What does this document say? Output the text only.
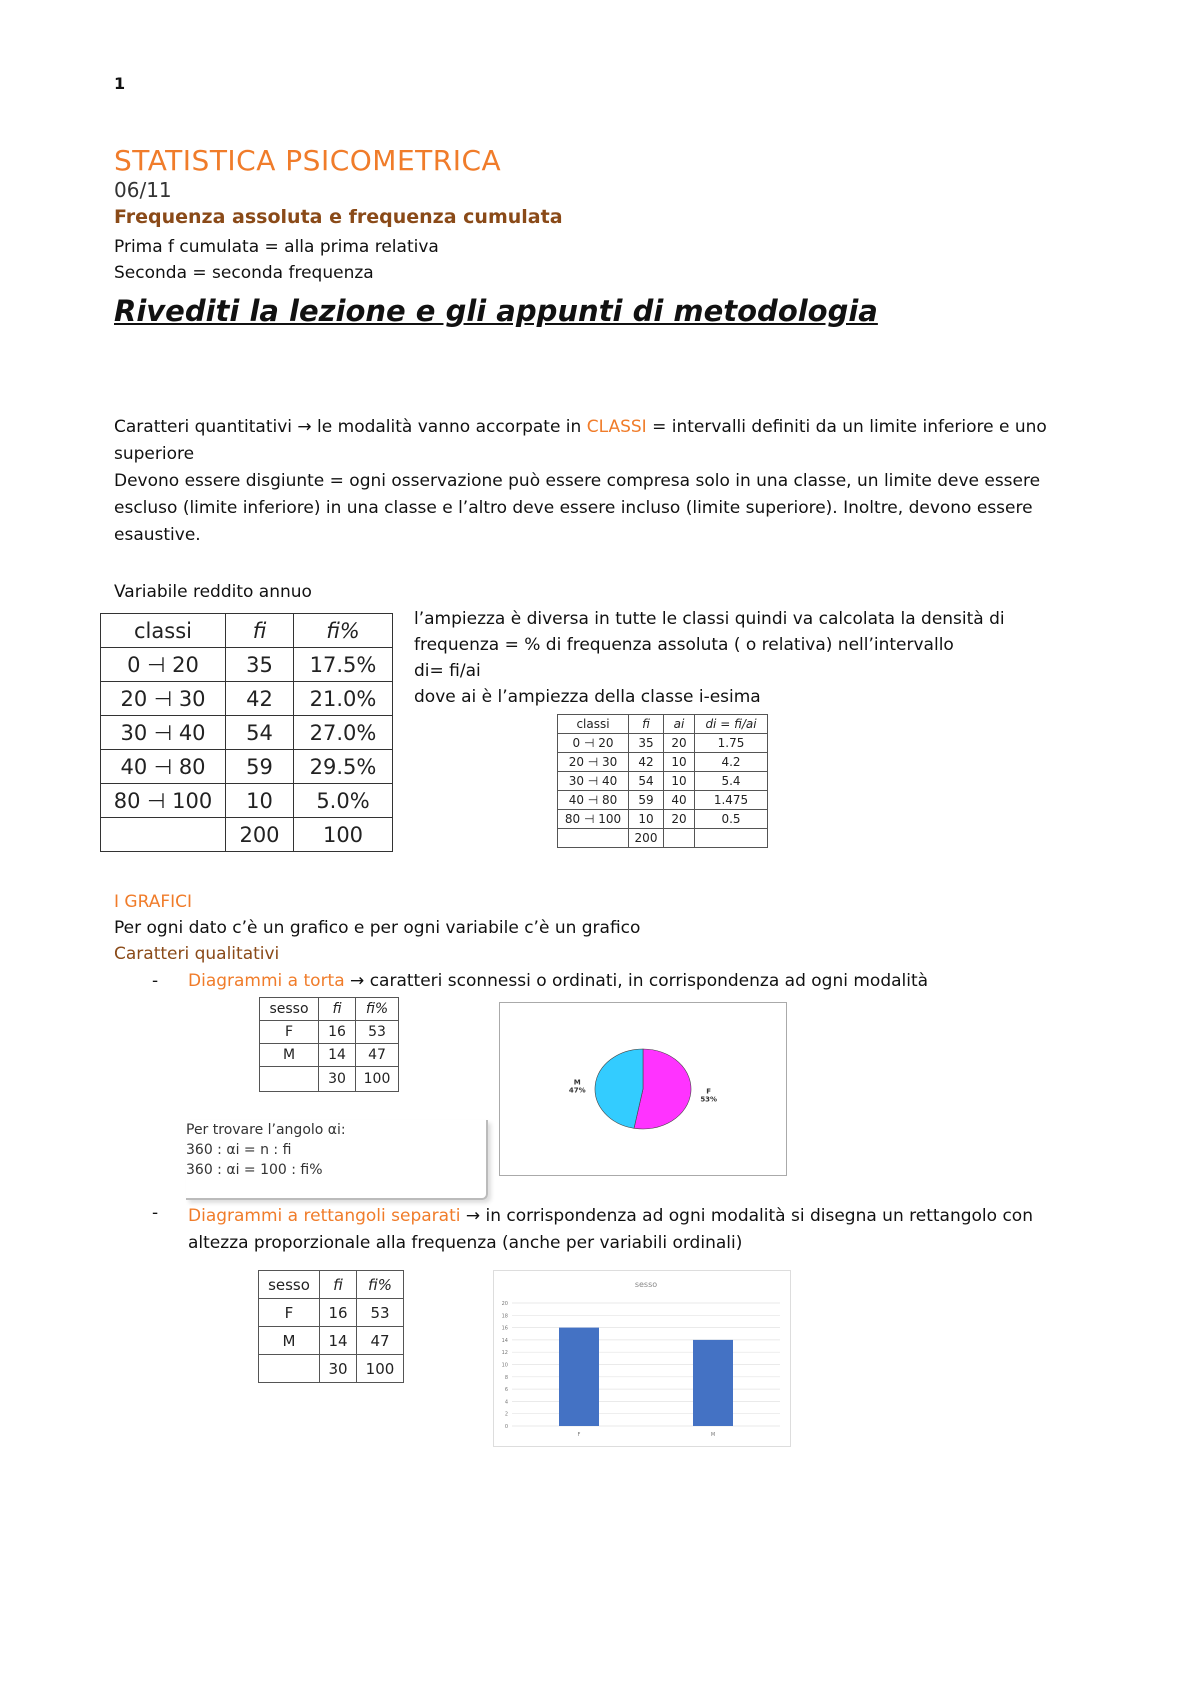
1
STATISTICA PSICOMETRICA
06/11
Frequenza assoluta e frequenza cumulata
Prima f cumulata = alla prima relativa
Seconda = seconda frequenza
Rivediti la lezione e gli appunti di metodologia
Caratteri quantitativi → le modalità vanno accorpate in CLASSI = intervalli definiti da un limite inferiore e uno superiore
Devono essere disgiunte = ogni osservazione può essere compresa solo in una classe, un limite deve essere escluso (limite inferiore) in una classe e l’altro deve essere incluso (limite superiore). Inoltre, devono essere esaustive.
Variabile reddito annuo
classi	fi	fi%
0 ⊣ 20	35	17.5%
20 ⊣ 30	42	21.0%
30 ⊣ 40	54	27.0%
40 ⊣ 80	59	29.5%
80 ⊣ 100	10	5.0%
	200	100
l’ampiezza è diversa in tutte le classi quindi va calcolata la densità di
frequenza = % di frequenza assoluta ( o relativa) nell’intervallo
di= fi/ai
dove ai è l’ampiezza della classe i-esima
classi	fi	ai	di = fi/ai
0 ⊣ 20	35	20	1.75
20 ⊣ 30	42	10	4.2
30 ⊣ 40	54	10	5.4
40 ⊣ 80	59	40	1.475
80 ⊣ 100	10	20	0.5
	200		
I GRAFICI
Per ogni dato c’è un grafico e per ogni variabile c’è un grafico
Caratteri qualitativi
- Diagrammi a torta → caratteri sconnessi o ordinati, in corrispondenza ad ogni modalità
sesso	fi	fi%
F	16	53
M	14	47
	30	100
Per trovare l’angolo αi:
360 : αi = n : fi
360 : αi = 100 : fi%
F 53%
M 47%
- Diagrammi a rettangoli separati → in corrispondenza ad ogni modalità si disegna un rettangolo con altezza proporzionale alla frequenza (anche per variabili ordinali)
sesso	fi	fi%
F	16	53
M	14	47
	30	100
sesso
0
2
4
6
8
10
12
14
16
18
20
F	M
